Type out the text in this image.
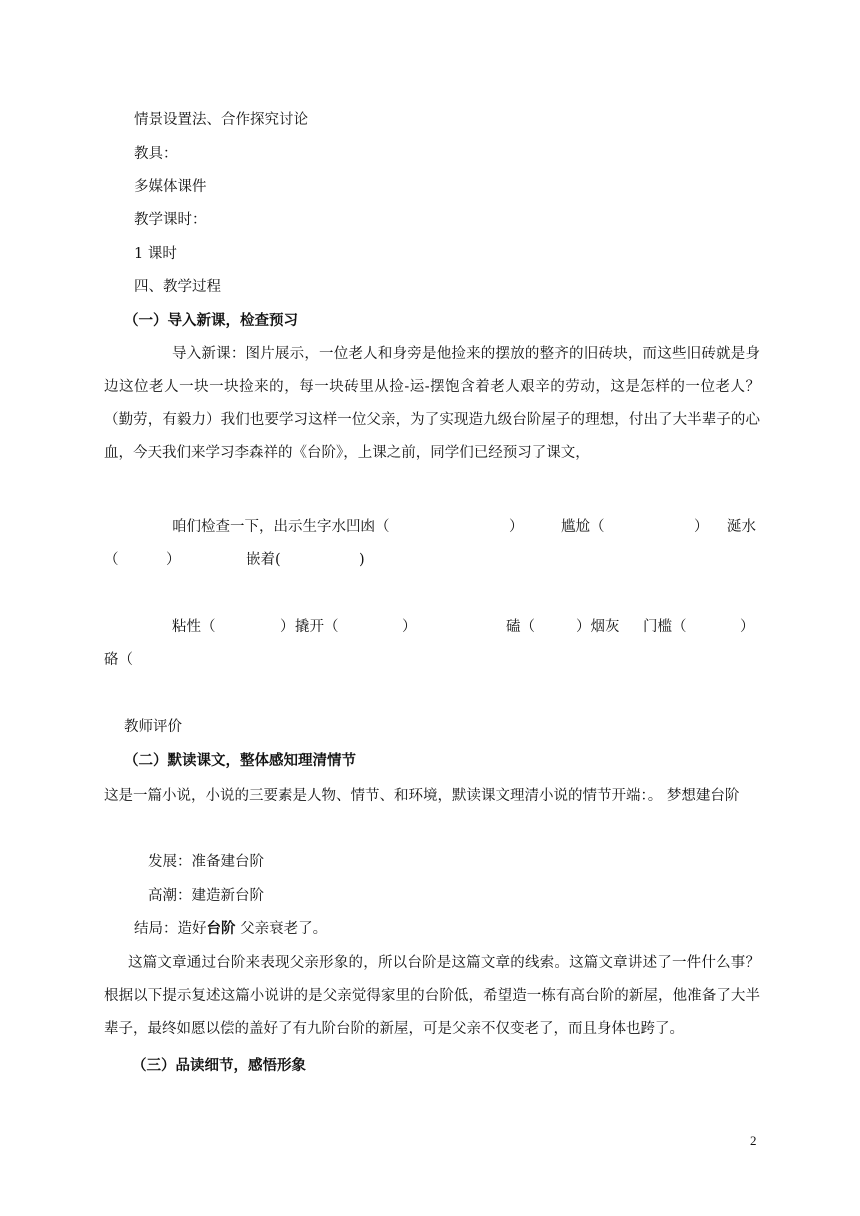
情景设置法、合作探究讨论
教具：
多媒体课件
教学课时：
1 课时
四、教学过程
（一）导入新课，检查预习
导入新课：图片展示，一位老人和身旁是他捡来的摆放的整齐的旧砖块，而这些旧砖就是身边这位老人一块一块捡来的，每一块砖里从捡-运-摆饱含着老人艰辛的劳动，这是怎样的一位老人？（勤劳，有毅力）我们也要学习这样一位父亲，为了实现造九级台阶屋子的理想，付出了大半辈子的心血，今天我们来学习李森祥的《台阶》，上课之前，同学们已经预习了课文，
咱们检查一下，出示生字水凹凼（	）	尴尬（	） 涎水
（	）	嵌着(	)
粘性（	） 撬开（	）	磕（	）烟灰 门槛（	）
硌（
教师评价
（二）默读课文，整体感知理清情节
这是一篇小说，小说的三要素是人物、情节、和环境，默读课文理清小说的情节开端：。 梦想建台阶
发展：准备建台阶
高潮：建造新台阶
结局：造好台阶 父亲衰老了。
这篇文章通过台阶来表现父亲形象的，所以台阶是这篇文章的线索。这篇文章讲述了一件什么事？根据以下提示复述这篇小说讲的是父亲觉得家里的台阶低，希望造一栋有高台阶的新屋，他准备了大半辈子，最终如愿以偿的盖好了有九阶台阶的新屋，可是父亲不仅变老了，而且身体也跨了。
（三）品读细节，感悟形象
2
